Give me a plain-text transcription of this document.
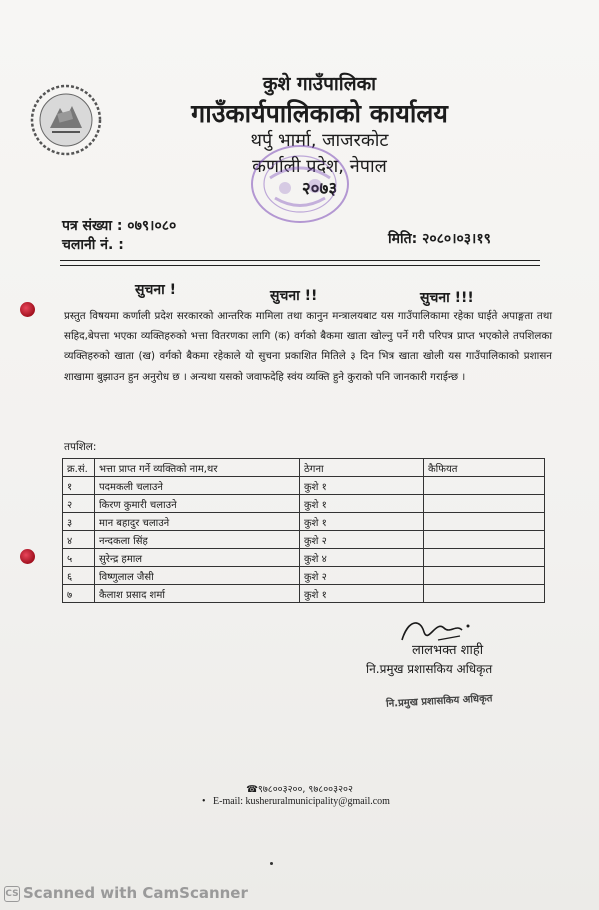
कुशे गाउँपालिका
गाउँकार्यपालिकाको कार्यालय
थर्पु भार्मा, जाजरकोट
कर्णाली प्रदेश, नेपाल
२०७३
पत्र संख्या : ०७९।०८०
चलानी नं. :	मिति: २०८०।०३।१९
सुचना !	सुचना !!	सुचना !!!
प्रस्तुत विषयमा कर्णाली प्रदेश सरकारको आन्तरिक मामिला तथा कानुन मन्त्रालयबाट यस गाउँपालिकामा रहेका घाईते अपाङ्गता तथा सहिद,बेपत्ता भएका व्यक्तिहरुको भत्ता वितरणका लागि (क) वर्गको बैकमा खाता खोल्नु पर्ने गरी परिपत्र प्राप्त भएकोले तपशिलका व्यक्तिहरुको खाता (ख) वर्गको बैकमा रहेकाले यो सुचना प्रकाशित मितिले ३ दिन भित्र खाता खोली यस गाउँपालिकाको प्रशासन शाखामा बुझाउन हुन अनुरोध छ । अन्यथा यसको जवाफदेहि स्वंय व्यक्ति हुने कुराको पनि जानकारी गराईन्छ ।
तपशिल:
क्र.सं.	भत्ता प्राप्त गर्ने व्यक्तिको नाम,थर	ठेगना	कैफियत
१	पदमकली चलाउने	कुशे १	
२	किरण कुमारी चलाउने	कुशे १	
३	मान बहादुर चलाउने	कुशे १	
४	नन्दकला सिंह	कुशे २	
५	सुरेन्द्र हमाल	कुशे ४	
६	विष्णुलाल जैसी	कुशे २	
७	कैलाश प्रसाद शर्मा	कुशे १	
लालभक्त शाही
नि.प्रमुख प्रशासकिय अधिकृत
नि.प्रमुख प्रशासकिय अधिकृत
☎९७८००३२००, ९७८००३२०२
•   E-mail: kusheruralmunicipality@gmail.com
CS Scanned with CamScanner
